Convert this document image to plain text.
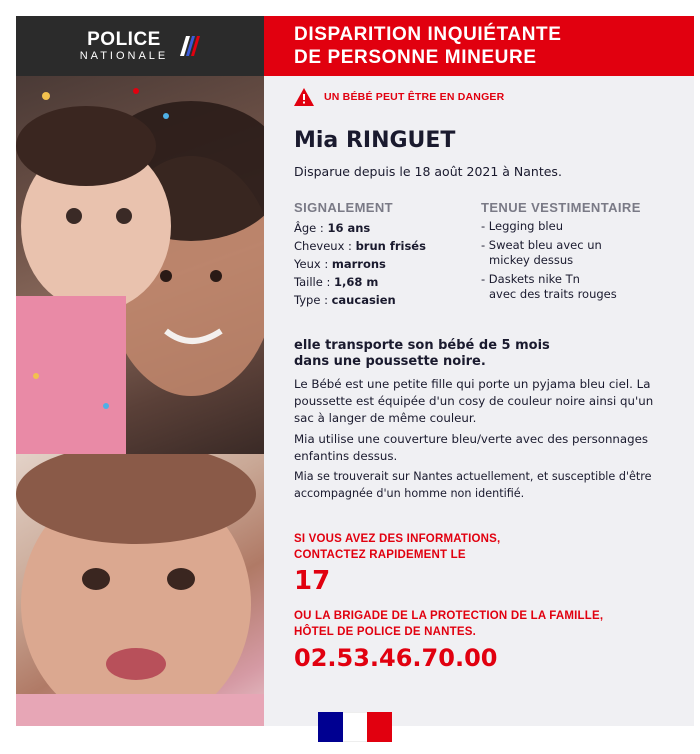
POLICE
NATIONALE
DISPARITION INQUIÉTANTE
DE PERSONNE MINEURE
UN BÉBÉ PEUT ÊTRE EN DANGER
Mia RINGUET
Disparue depuis le 18 août 2021 à Nantes.
SIGNALEMENT
Âge : 16 ans
Cheveux : brun frisés
Yeux : marrons
Taille : 1,68 m
Type : caucasien
TENUE VESTIMENTAIRE
- Legging bleu
- Sweat bleu avec un
mickey dessus
- Daskets nike Tn
avec des traits rouges
elle transporte son bébé de 5 mois
dans une poussette noire.
Le Bébé est une petite fille qui porte un pyjama bleu ciel. La poussette est équipée d'un cosy de couleur noire ainsi qu'un sac à langer de même couleur.
Mia utilise une couverture bleu/verte avec des personnages enfantins dessus.
Mia se trouverait sur Nantes actuellement, et susceptible d'être accompagnée d'un homme non identifié.
SI VOUS AVEZ DES INFORMATIONS,
CONTACTEZ RAPIDEMENT LE
17
OU LA BRIGADE DE LA PROTECTION DE LA FAMILLE,
HÔTEL DE POLICE DE NANTES.
02.53.46.70.00
